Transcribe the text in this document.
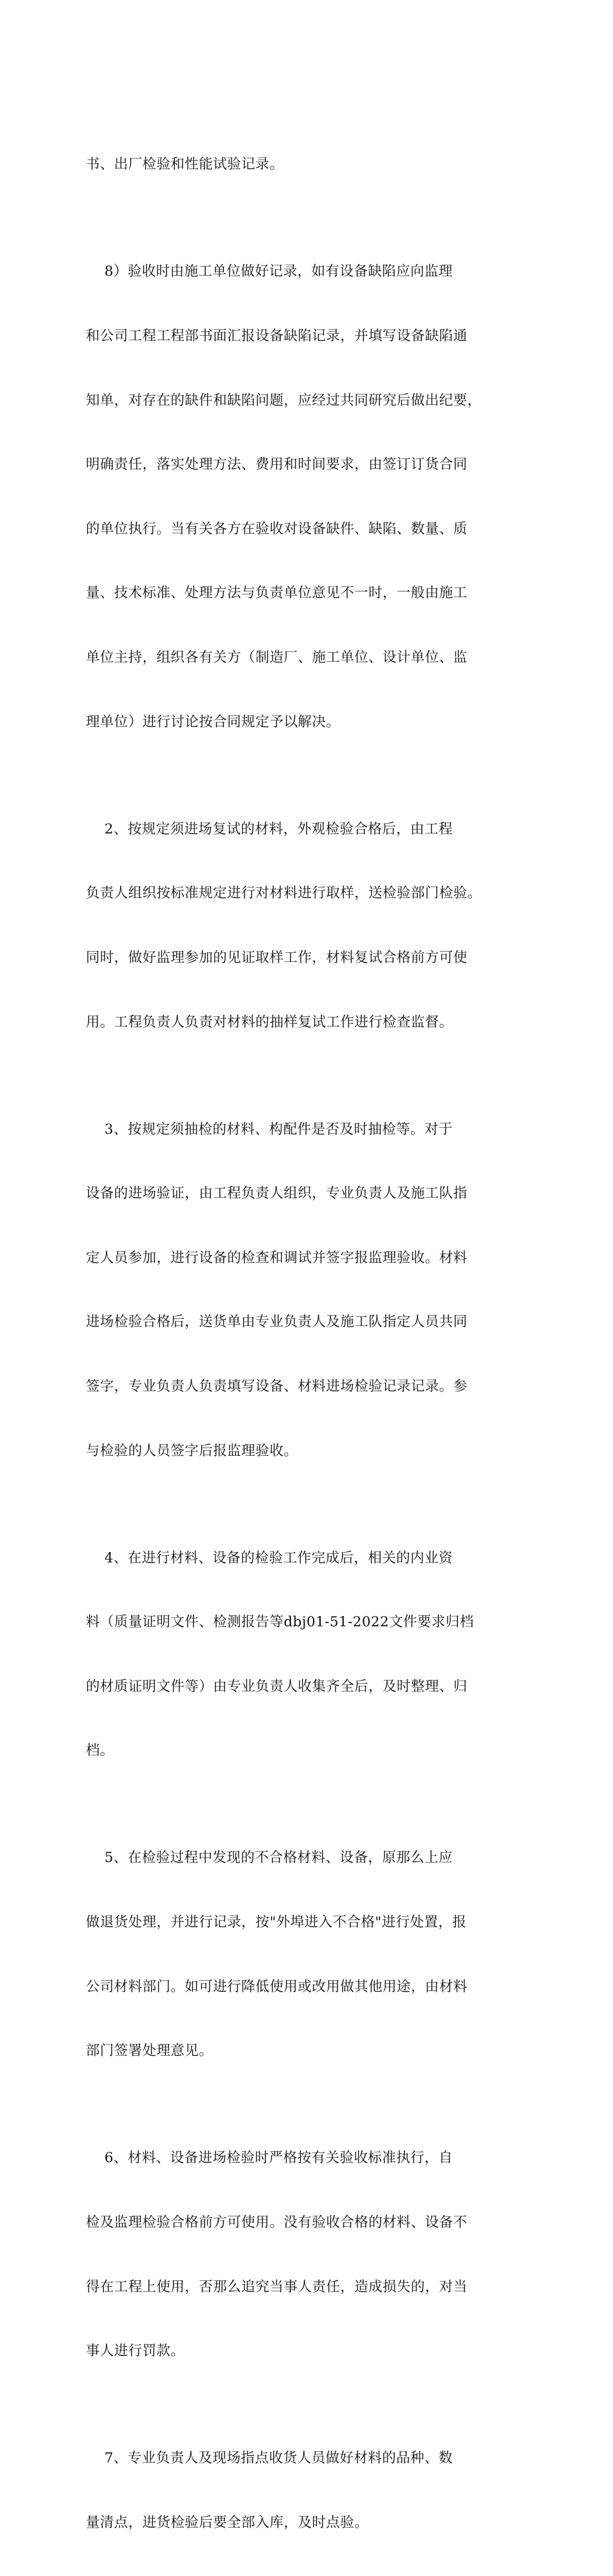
书、出厂检验和性能试验记录。

8）验收时由施工单位做好记录，如有设备缺陷应向监理

和公司工程工程部书面汇报设备缺陷记录，并填写设备缺陷通

知单，对存在的缺件和缺陷问题，应经过共同研究后做出纪要，

明确责任，落实处理方法、费用和时间要求，由签订订货合同

的单位执行。当有关各方在验收对设备缺件、缺陷、数量、质

量、技术标准、处理方法与负责单位意见不一时，一般由施工

单位主持，组织各有关方（制造厂、施工单位、设计单位、监

理单位）进行讨论按合同规定予以解决。

2、按规定须进场复试的材料，外观检验合格后，由工程

负责人组织按标准规定进行对材料进行取样，送检验部门检验。

同时，做好监理参加的见证取样工作，材料复试合格前方可使

用。工程负责人负责对材料的抽样复试工作进行检查监督。

3、按规定须抽检的材料、构配件是否及时抽检等。对于

设备的进场验证，由工程负责人组织，专业负责人及施工队指

定人员参加，进行设备的检查和调试并签字报监理验收。材料

进场检验合格后，送货单由专业负责人及施工队指定人员共同

签字，专业负责人负责填写设备、材料进场检验记录记录。参

与检验的人员签字后报监理验收。

4、在进行材料、设备的检验工作完成后，相关的内业资

料（质量证明文件、检测报告等dbj01-51-2022文件要求归档

的材质证明文件等）由专业负责人收集齐全后，及时整理、归

档。

5、在检验过程中发现的不合格材料、设备，原那么上应

做退货处理，并进行记录，按"外埠进入不合格"进行处置，报

公司材料部门。如可进行降低使用或改用做其他用途，由材料

部门签署处理意见。

6、材料、设备进场检验时严格按有关验收标准执行，自

检及监理检验合格前方可使用。没有验收合格的材料、设备不

得在工程上使用，否那么追究当事人责任，造成损失的，对当

事人进行罚款。

7、专业负责人及现场指点收货人员做好材料的品种、数

量清点，进货检验后要全部入库，及时点验。
